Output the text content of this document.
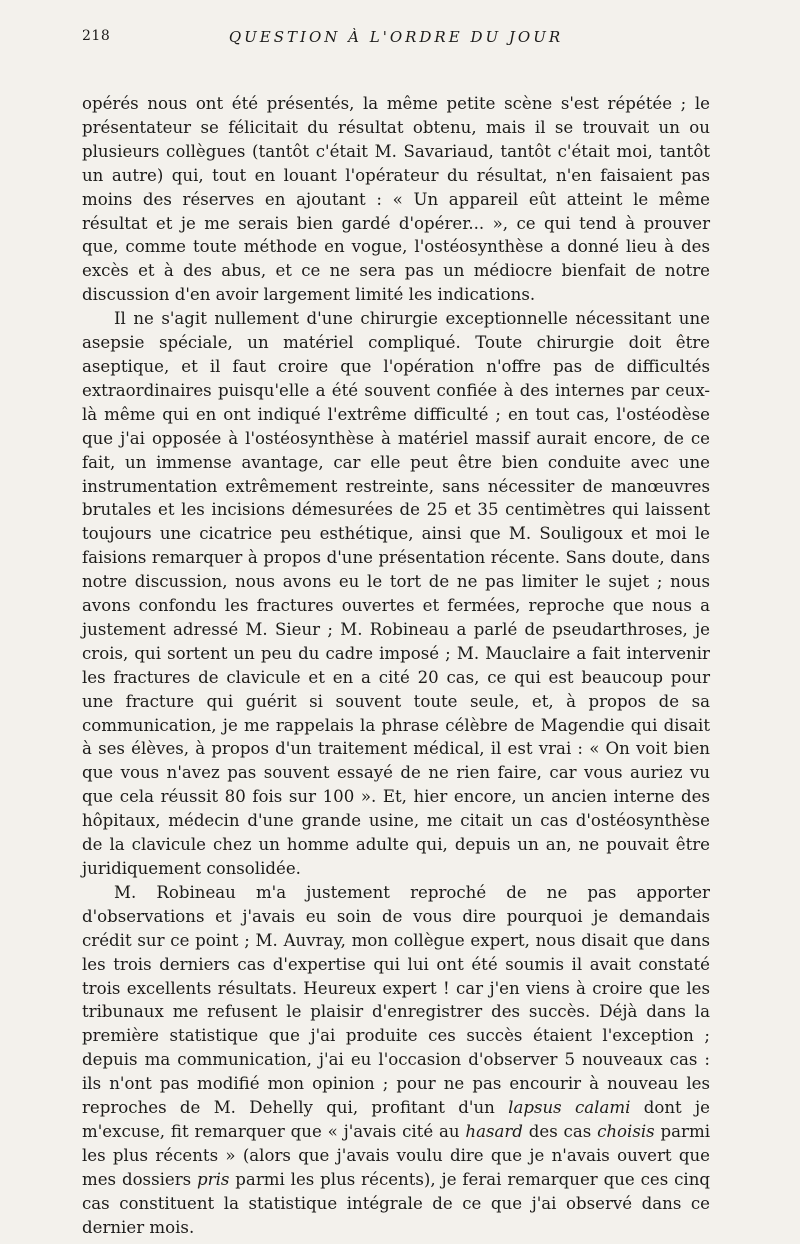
218	QUESTION À L'ORDRE DU JOUR

opérés nous ont été présentés, la même petite scène s'est répétée ; le présentateur se félicitait du résultat obtenu, mais il se trouvait un ou plusieurs collègues (tantôt c'était M. Savariaud, tantôt c'était moi, tantôt un autre) qui, tout en louant l'opérateur du résultat, n'en faisaient pas moins des réserves en ajoutant : « Un appareil eût atteint le même résultat et je me serais bien gardé d'opérer... », ce qui tend à prouver que, comme toute méthode en vogue, l'ostéosynthèse a donné lieu à des excès et à des abus, et ce ne sera pas un médiocre bienfait de notre discussion d'en avoir largement limité les indications.

Il ne s'agit nullement d'une chirurgie exceptionnelle nécessitant une asepsie spéciale, un matériel compliqué. Toute chirurgie doit être aseptique, et il faut croire que l'opération n'offre pas de difficultés extraordinaires puisqu'elle a été souvent confiée à des internes par ceux-là même qui en ont indiqué l'extrême difficulté ; en tout cas, l'ostéodèse que j'ai opposée à l'ostéosynthèse à matériel massif aurait encore, de ce fait, un immense avantage, car elle peut être bien conduite avec une instrumentation extrêmement restreinte, sans nécessiter de manœuvres brutales et les incisions démesurées de 25 et 35 centimètres qui laissent toujours une cicatrice peu esthétique, ainsi que M. Souligoux et moi le faisions remarquer à propos d'une présentation récente. Sans doute, dans notre discussion, nous avons eu le tort de ne pas limiter le sujet ; nous avons confondu les fractures ouvertes et fermées, reproche que nous a justement adressé M. Sieur ; M. Robineau a parlé de pseudarthroses, je crois, qui sortent un peu du cadre imposé ; M. Mauclaire a fait intervenir les fractures de clavicule et en a cité 20 cas, ce qui est beaucoup pour une fracture qui guérit si souvent toute seule, et, à propos de sa communication, je me rappelais la phrase célèbre de Magendie qui disait à ses élèves, à propos d'un traitement médical, il est vrai : « On voit bien que vous n'avez pas souvent essayé de ne rien faire, car vous auriez vu que cela réussit 80 fois sur 100 ». Et, hier encore, un ancien interne des hôpitaux, médecin d'une grande usine, me citait un cas d'ostéosynthèse de la clavicule chez un homme adulte qui, depuis un an, ne pouvait être juridiquement consolidée.

M. Robineau m'a justement reproché de ne pas apporter d'observations et j'avais eu soin de vous dire pourquoi je demandais crédit sur ce point ; M. Auvray, mon collègue expert, nous disait que dans les trois derniers cas d'expertise qui lui ont été soumis il avait constaté trois excellents résultats. Heureux expert ! car j'en viens à croire que les tribunaux me refusent le plaisir d'enregistrer des succès. Déjà dans la première statistique que j'ai produite ces succès étaient l'exception ; depuis ma communication, j'ai eu l'occasion d'observer 5 nouveaux cas : ils n'ont pas modifié mon opinion ; pour ne pas encourir à nouveau les reproches de M. Dehelly qui, profitant d'un lapsus calami dont je m'excuse, fit remarquer que « j'avais cité au hasard des cas choisis parmi les plus récents » (alors que j'avais voulu dire que je n'avais ouvert que mes dossiers pris parmi les plus récents), je ferai remarquer que ces cinq cas constituent la statistique intégrale de ce que j'ai observé dans ce dernier mois.
